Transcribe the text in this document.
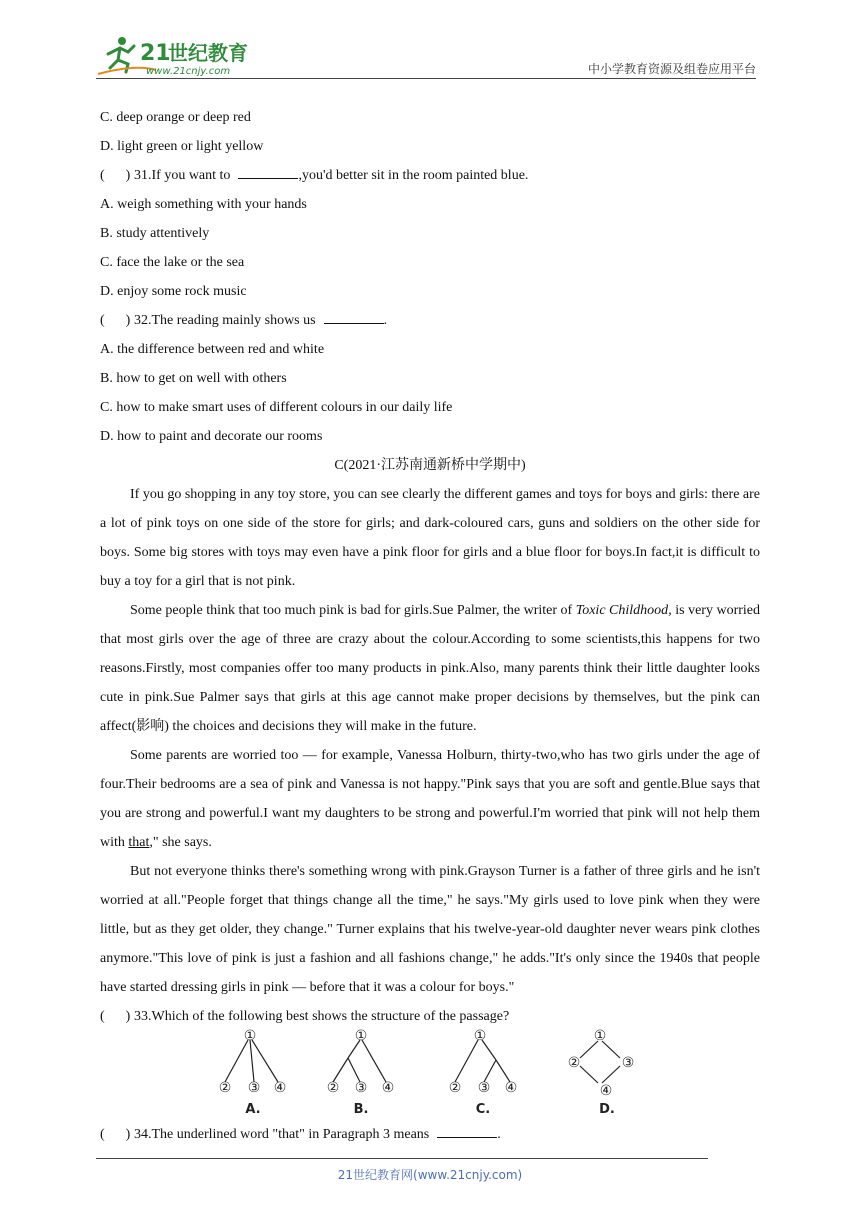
21
世纪教育
www.21cnjy.com	中小学教育资源及组卷应用平台
C. deep orange or deep red
D. light green or light yellow
( ) 31.If you want to	,you'd better sit in the room painted blue.
A. weigh something with your hands
B. study attentively
C. face the lake or the sea
D. enjoy some rock music
( ) 32.The reading mainly shows us	.
A. the difference between red and white
B. how to get on well with others
C. how to make smart uses of different colours in our daily life
D. how to paint and decorate our rooms
C(2021·江苏南通新桥中学期中)

If you go shopping in any toy store, you can see clearly the different games and toys for boys and girls: there are a lot of pink toys on one side of the store for girls; and dark-coloured cars, guns and soldiers on the other side for boys. Some big stores with toys may even have a pink floor for girls and a blue floor for boys.In fact,it is difficult to buy a toy for a girl that is not pink.

Some people think that too much pink is bad for girls.Sue Palmer, the writer of Toxic Childhood, is very worried that most girls over the age of three are crazy about the colour.According to some scientists,this happens for two reasons.Firstly, most companies offer too many products in pink.Also, many parents think their little daughter looks cute in pink.Sue Palmer says that girls at this age cannot make proper decisions by themselves, but the pink can affect(影响) the choices and decisions they will make in the future.

Some parents are worried too — for example, Vanessa Holburn, thirty-two,who has two girls under the age of four.Their bedrooms are a sea of pink and Vanessa is not happy."Pink says that you are soft and gentle.Blue says that you are strong and powerful.I want my daughters to be strong and powerful.I'm worried that pink will not help them with that," she says.

But not everyone thinks there's something wrong with pink.Grayson Turner is a father of three girls and he isn't worried at all."People forget that things change all the time," he says."My girls used to love pink when they were little, but as they get older, they change." Turner explains that his twelve-year-old daughter never wears pink clothes anymore."This love of pink is just a fashion and all fashions change," he adds."It's only since the 1940s that people have started dressing girls in pink — before that it was a colour for boys."

( ) 33.Which of the following best shows the structure of the passage?
①
② ③ ④
①
② ③ ④
①
② ③ ④
①
②	③
④
A.	B.	C.	D.
( ) 34.The underlined word "that" in Paragraph 3 means	.
21世纪教育网(www.21cnjy.com)
